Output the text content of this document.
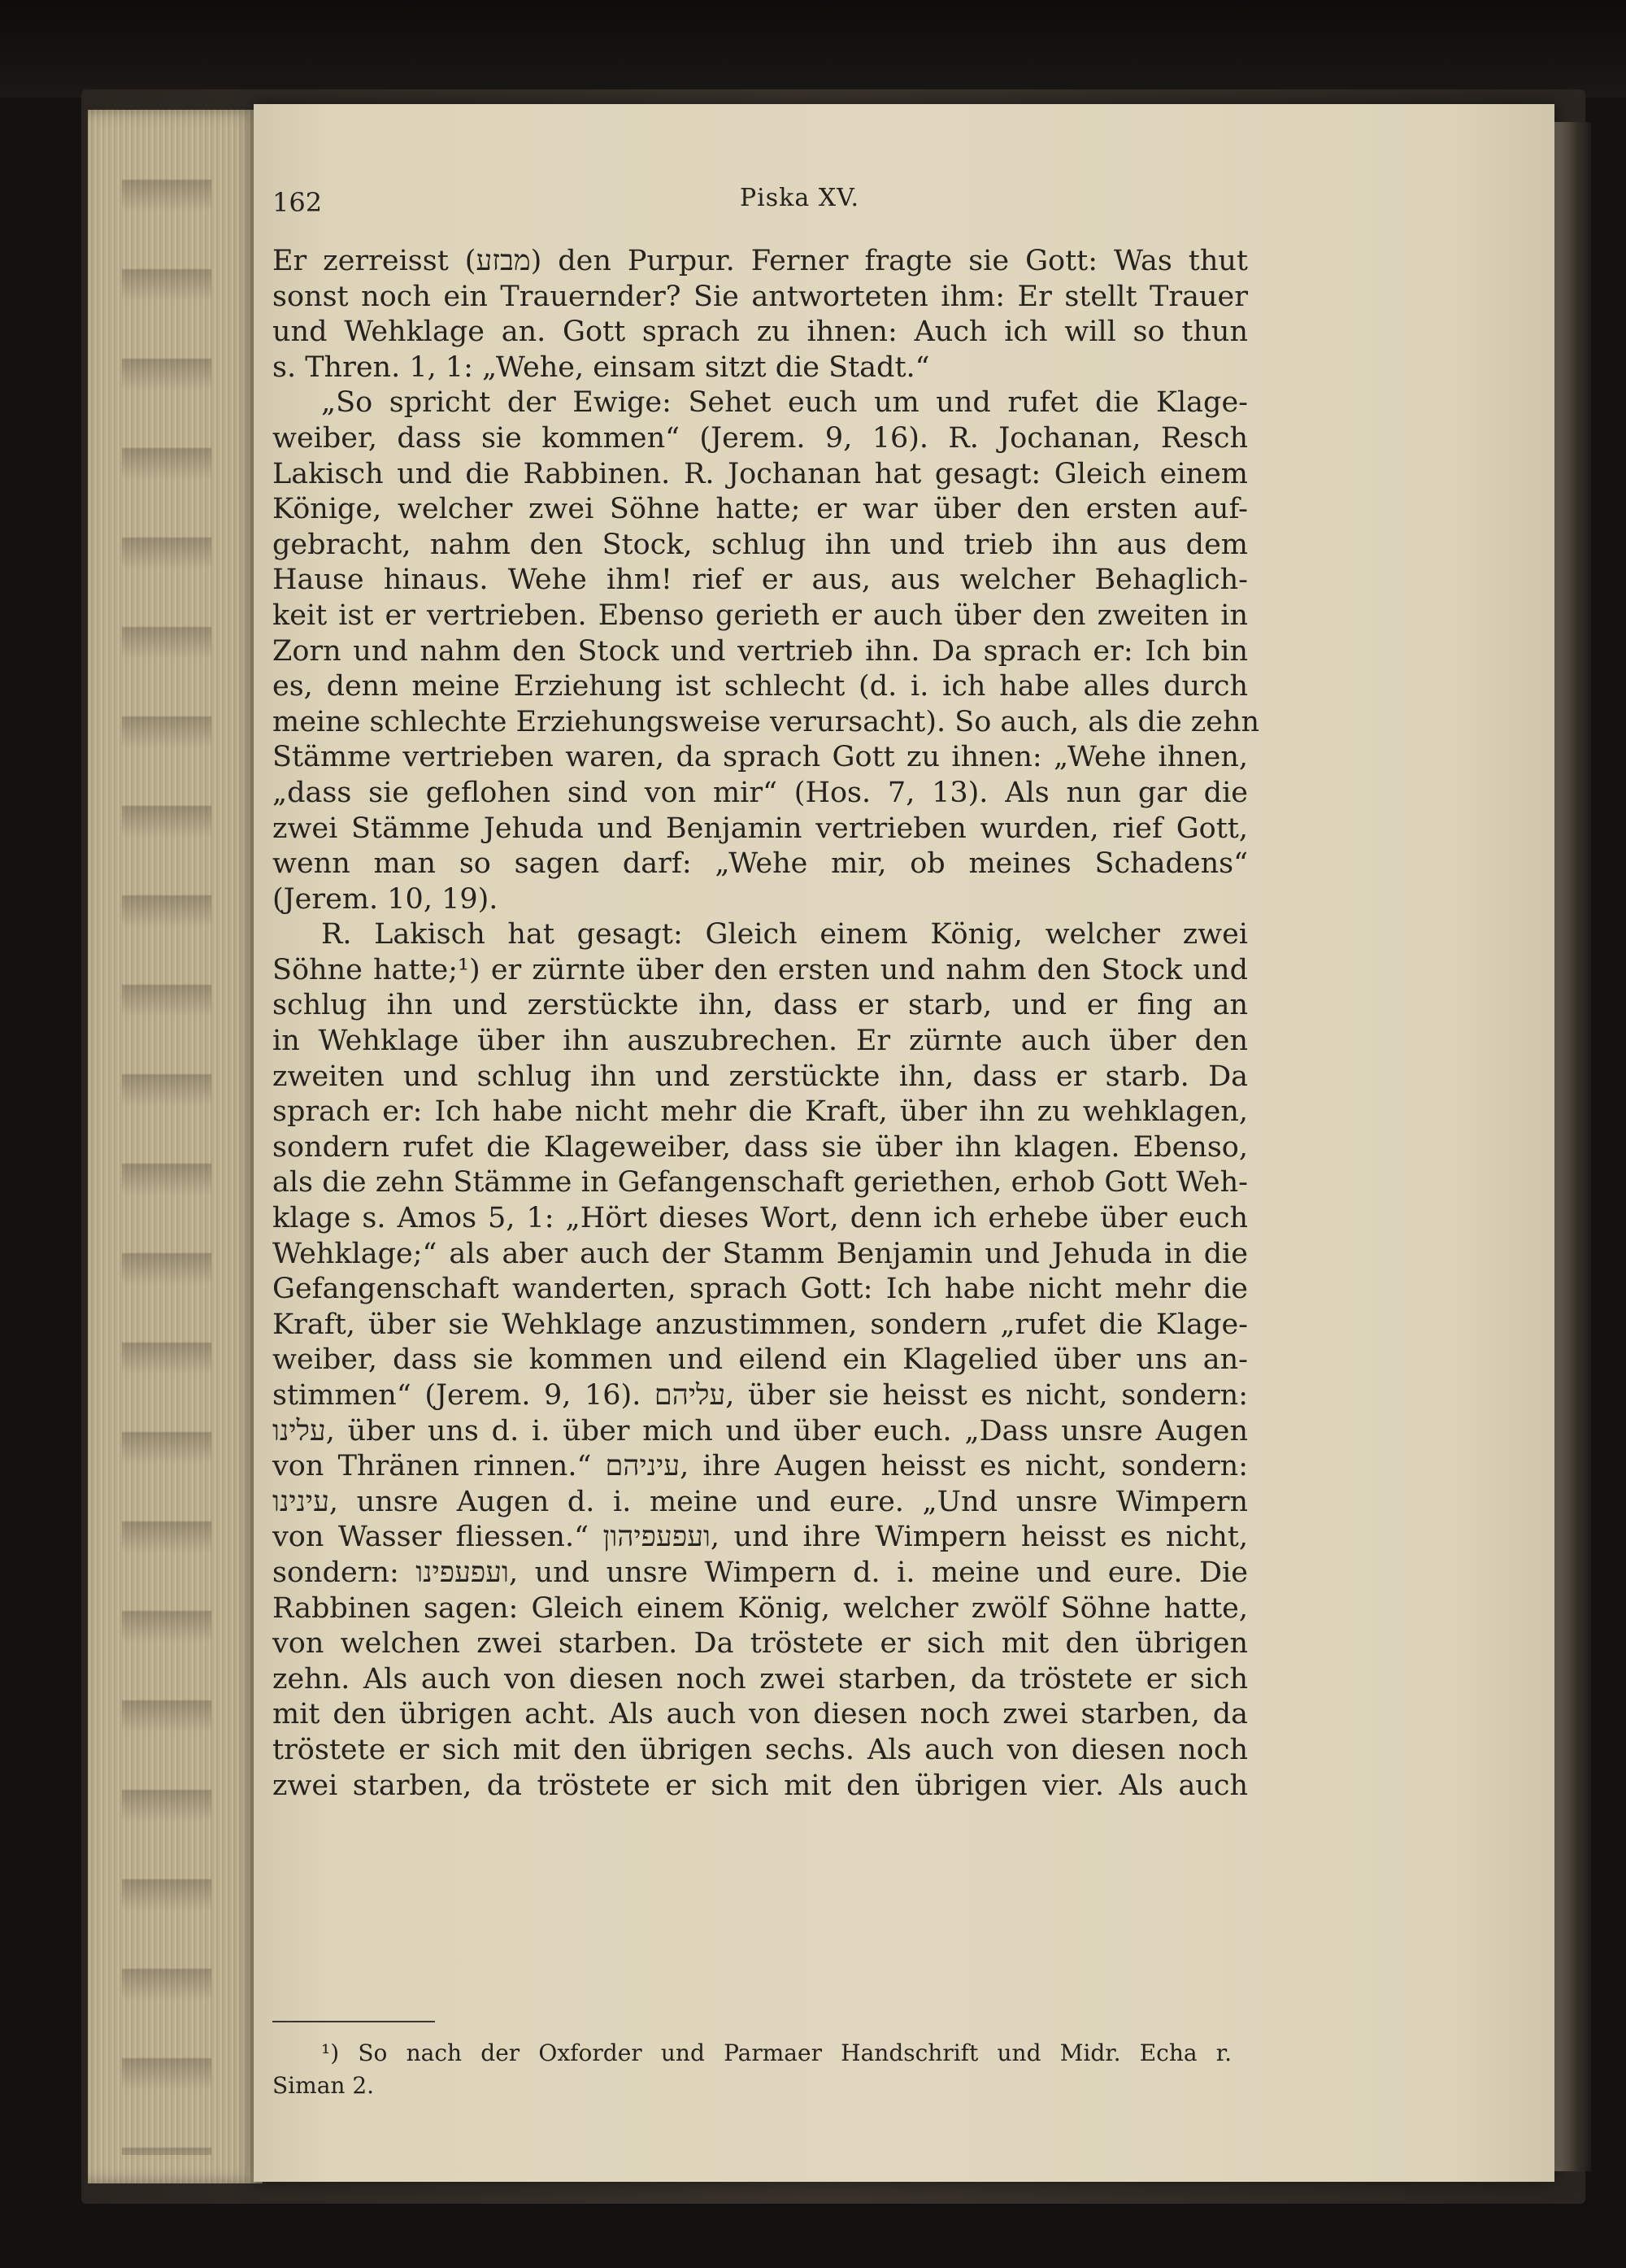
162	Piska XV.
Er zerreisst (מבזע) den Purpur. Ferner fragte sie Gott: Was thut
sonst noch ein Trauernder? Sie antworteten ihm: Er stellt Trauer
und Wehklage an. Gott sprach zu ihnen: Auch ich will so thun
s. Thren. 1, 1: „Wehe, einsam sitzt die Stadt.“
„So spricht der Ewige: Sehet euch um und rufet die Klage-
weiber, dass sie kommen“ (Jerem. 9, 16). R. Jochanan, Resch
Lakisch und die Rabbinen. R. Jochanan hat gesagt: Gleich einem
Könige, welcher zwei Söhne hatte; er war über den ersten auf-
gebracht, nahm den Stock, schlug ihn und trieb ihn aus dem
Hause hinaus. Wehe ihm! rief er aus, aus welcher Behaglich-
keit ist er vertrieben. Ebenso gerieth er auch über den zweiten in
Zorn und nahm den Stock und vertrieb ihn. Da sprach er: Ich bin
es, denn meine Erziehung ist schlecht (d. i. ich habe alles durch
meine schlechte Erziehungsweise verursacht). So auch, als die zehn
Stämme vertrieben waren, da sprach Gott zu ihnen: „Wehe ihnen,
„dass sie geflohen sind von mir“ (Hos. 7, 13). Als nun gar die
zwei Stämme Jehuda und Benjamin vertrieben wurden, rief Gott,
wenn man so sagen darf: „Wehe mir, ob meines Schadens“
(Jerem. 10, 19).
R. Lakisch hat gesagt: Gleich einem König, welcher zwei
Söhne hatte;¹) er zürnte über den ersten und nahm den Stock und
schlug ihn und zerstückte ihn, dass er starb, und er fing an
in Wehklage über ihn auszubrechen. Er zürnte auch über den
zweiten und schlug ihn und zerstückte ihn, dass er starb. Da
sprach er: Ich habe nicht mehr die Kraft, über ihn zu wehklagen,
sondern rufet die Klageweiber, dass sie über ihn klagen. Ebenso,
als die zehn Stämme in Gefangenschaft geriethen, erhob Gott Weh-
klage s. Amos 5, 1: „Hört dieses Wort, denn ich erhebe über euch
Wehklage;“ als aber auch der Stamm Benjamin und Jehuda in die
Gefangenschaft wanderten, sprach Gott: Ich habe nicht mehr die
Kraft, über sie Wehklage anzustimmen, sondern „rufet die Klage-
weiber, dass sie kommen und eilend ein Klagelied über uns an-
stimmen“ (Jerem. 9, 16). עליהם, über sie heisst es nicht, sondern:
עלינו, über uns d. i. über mich und über euch. „Dass unsre Augen
von Thränen rinnen.“ עיניהם, ihre Augen heisst es nicht, sondern:
עינינו, unsre Augen d. i. meine und eure. „Und unsre Wimpern
von Wasser fliessen.“ ועפעפיהון, und ihre Wimpern heisst es nicht,
sondern: ועפעפינו, und unsre Wimpern d. i. meine und eure. Die
Rabbinen sagen: Gleich einem König, welcher zwölf Söhne hatte,
von welchen zwei starben. Da tröstete er sich mit den übrigen
zehn. Als auch von diesen noch zwei starben, da tröstete er sich
mit den übrigen acht. Als auch von diesen noch zwei starben, da
tröstete er sich mit den übrigen sechs. Als auch von diesen noch
zwei starben, da tröstete er sich mit den übrigen vier. Als auch
¹) So nach der Oxforder und Parmaer Handschrift und Midr. Echa r.
Siman 2.
